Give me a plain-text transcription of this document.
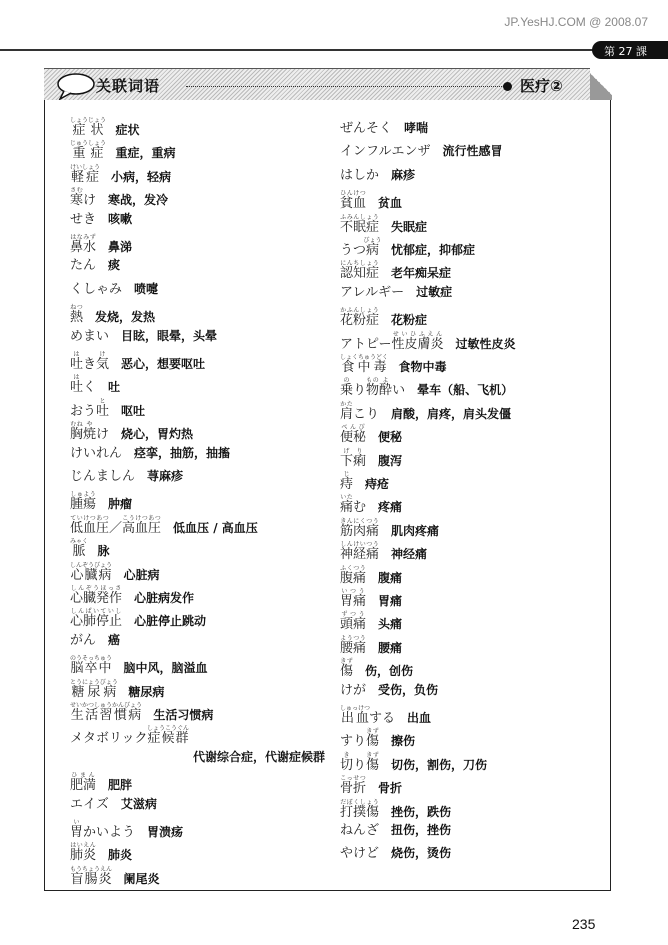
JP.YesHJ.COM @ 2008.07
第 27 課
关联词语	医疗②
症状しょうじょう症状
重症じゅうしょう重症，重病
軽症けいしょう小病，轻病
寒さむけ 寒战，发冷
せき 咳嗽
鼻水はなみず鼻涕
たん 痰
くしゃみ 喷嚏
熱ねつ发烧，发热
めまい 目眩，眼晕，头晕
吐はき気け恶心，想要呕吐
吐はく 吐
おう吐と呕吐
胸むね焼やけ 烧心，胃灼热
けいれん 痉挛，抽筋，抽搐
じんましん 荨麻疹
腫瘍しゅよう肿瘤
低血圧ていけつあつ／高血圧こうけつあつ低血压 / 高血压
脈みゃく脉
心臓病しんぞうびょう心脏病
心臓発作しんぞうほっさ心脏病发作
心肺停止しんぱいていし心脏停止跳动
がん 癌
脳卒中のうそっちゅう脑中风，脑溢血
糖尿病とうにょうびょう糖尿病
生活習慣病せいかつしゅうかんびょう生活习惯病
メタボリック症候群しょうこうぐん
代谢综合症，代谢症候群
肥満ひまん肥胖
エイズ 艾滋病
胃いかいよう 胃溃疡
肺炎はいえん肺炎
盲腸炎もうちょうえん阑尾炎
ぜんそく 哮喘
インフルエンザ 流行性感冒
はしか 麻疹
貧血ひんけつ贫血
不眠症ふみんしょう失眠症
うつ病びょう忧郁症，抑郁症
認知症にんちしょう老年痴呆症
アレルギー 过敏症
花粉症かふんしょう花粉症
アトピー性皮膚炎せいひふえん过敏性皮炎
食中毒しょくちゅうどく食物中毒
乗のり物もの酔よい 晕车（船、飞机）
肩かたこり 肩酸，肩疼，肩头发僵
便秘べんぴ便秘
下痢げり腹泻
痔じ痔疮
痛いたむ 疼痛
筋肉痛きんにくつう肌肉疼痛
神経痛しんけいつう神经痛
腹痛ふくつう腹痛
胃痛いつう胃痛
頭痛ずつう头痛
腰痛ようつう腰痛
傷きず伤，创伤
けが 受伤，负伤
出血しゅっけつする 出血
すり傷きず擦伤
切きり傷きず切伤，割伤，刀伤
骨折こっせつ骨折
打撲傷だぼくしょう挫伤，跌伤
ねんざ 扭伤，挫伤
やけど 烧伤，烫伤
235
